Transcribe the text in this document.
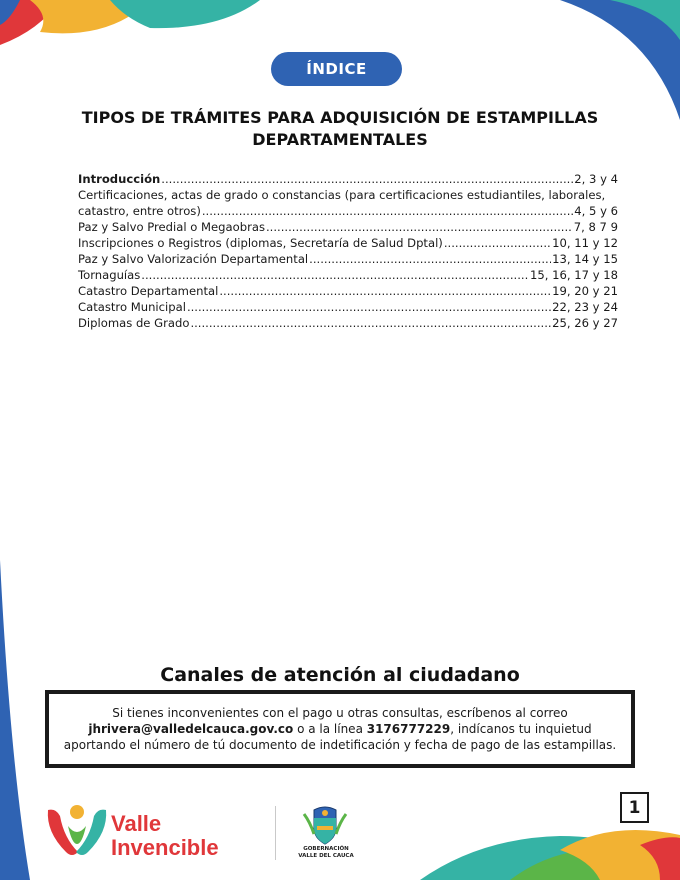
ÍNDICE
TIPOS DE TRÁMITES PARA ADQUISICIÓN DE ESTAMPILLAS
DEPARTAMENTALES
Introducción .....	2, 3 y 4
Certificaciones, actas de grado o constancias (para certificaciones estudiantiles, laborales,
catastro, entre otros) .....	4, 5 y 6
Paz y Salvo Predial o Megaobras .....	7, 8 7 9
Inscripciones o Registros (diplomas, Secretaría de Salud Dptal) .....	10, 11 y 12
Paz y Salvo Valorización Departamental .....	13, 14 y 15
Tornaguías .....	15, 16, 17 y 18
Catastro Departamental .....	19, 20 y 21
Catastro Municipal .....	22, 23 y 24
Diplomas de Grado .....	25, 26 y 27
Canales de atención al ciudadano
Si tienes inconvenientes con el pago u otras consultas, escríbenos al correo
jhrivera@valledelcauca.gov.co o a la línea 3176777229, indícanos tu inquietud
aportando el número de tú documento de indetificación y fecha de pago de las estampillas.
1
Valle
Invencible	GOBERNACIÓN
VALLE DEL CAUCA
